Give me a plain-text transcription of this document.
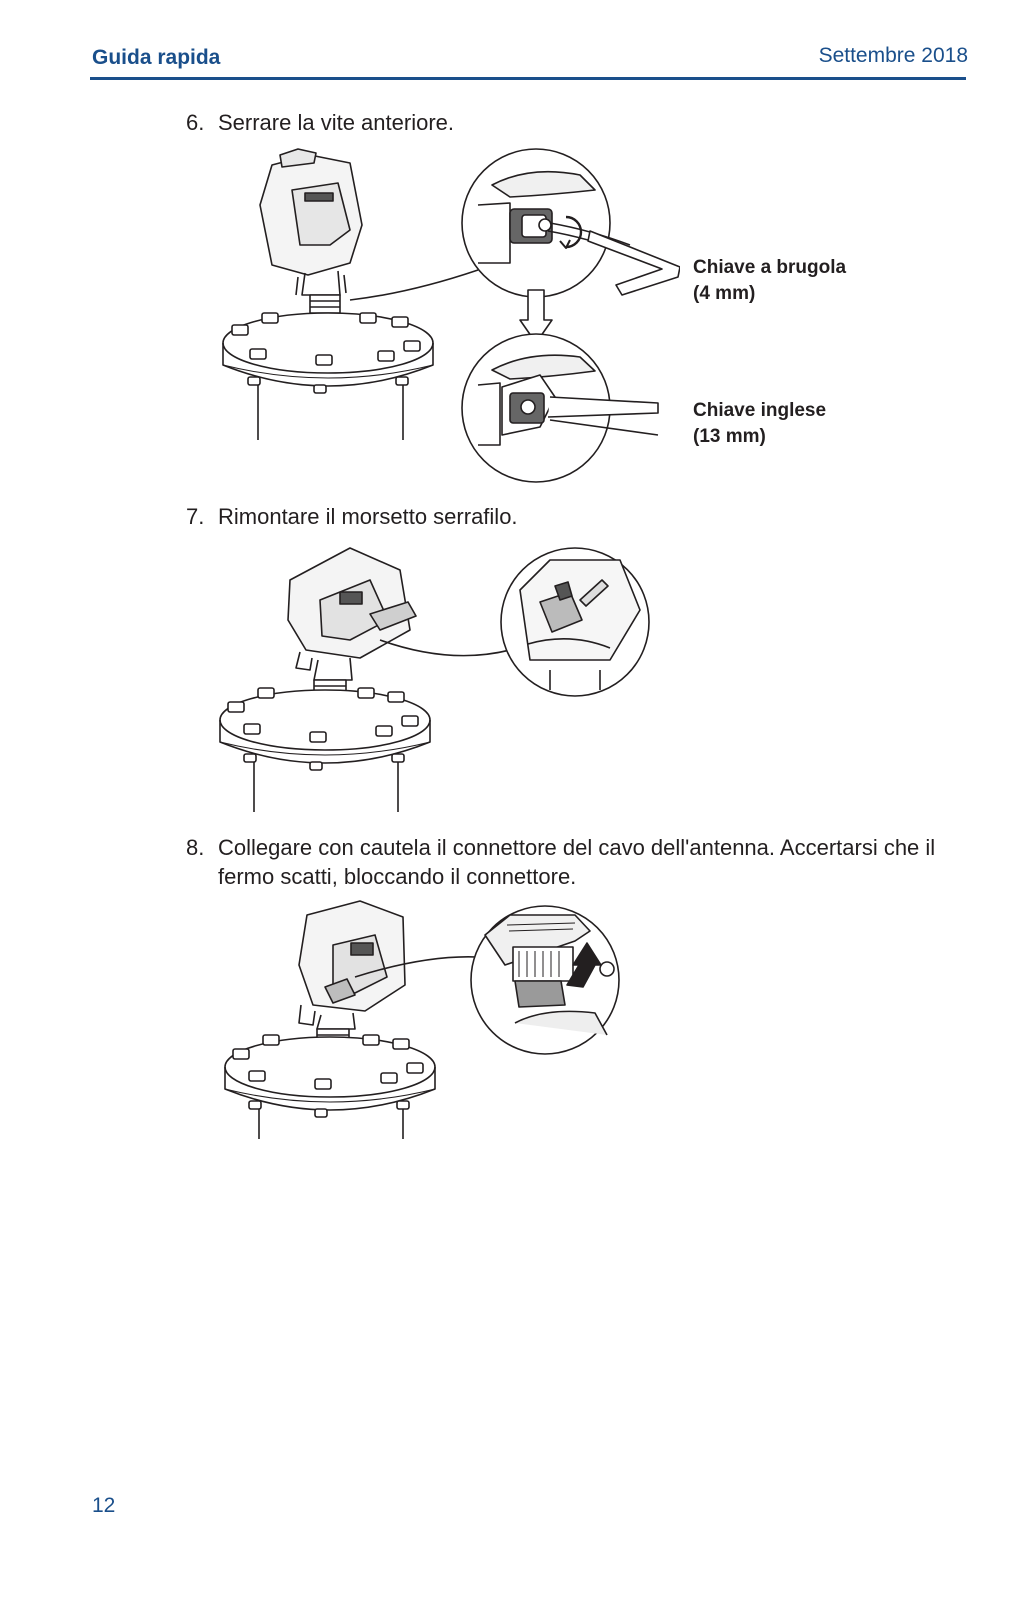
Guida rapida	Settembre 2018
6. Serrare la vite anteriore.
Chiave a brugola
(4 mm)
Chiave inglese
(13 mm)
7. Rimontare il morsetto serrafilo.
8. Collegare con cautela il connettore del cavo dell'antenna. Accertarsi che il fermo scatti, bloccando il connettore.
12
